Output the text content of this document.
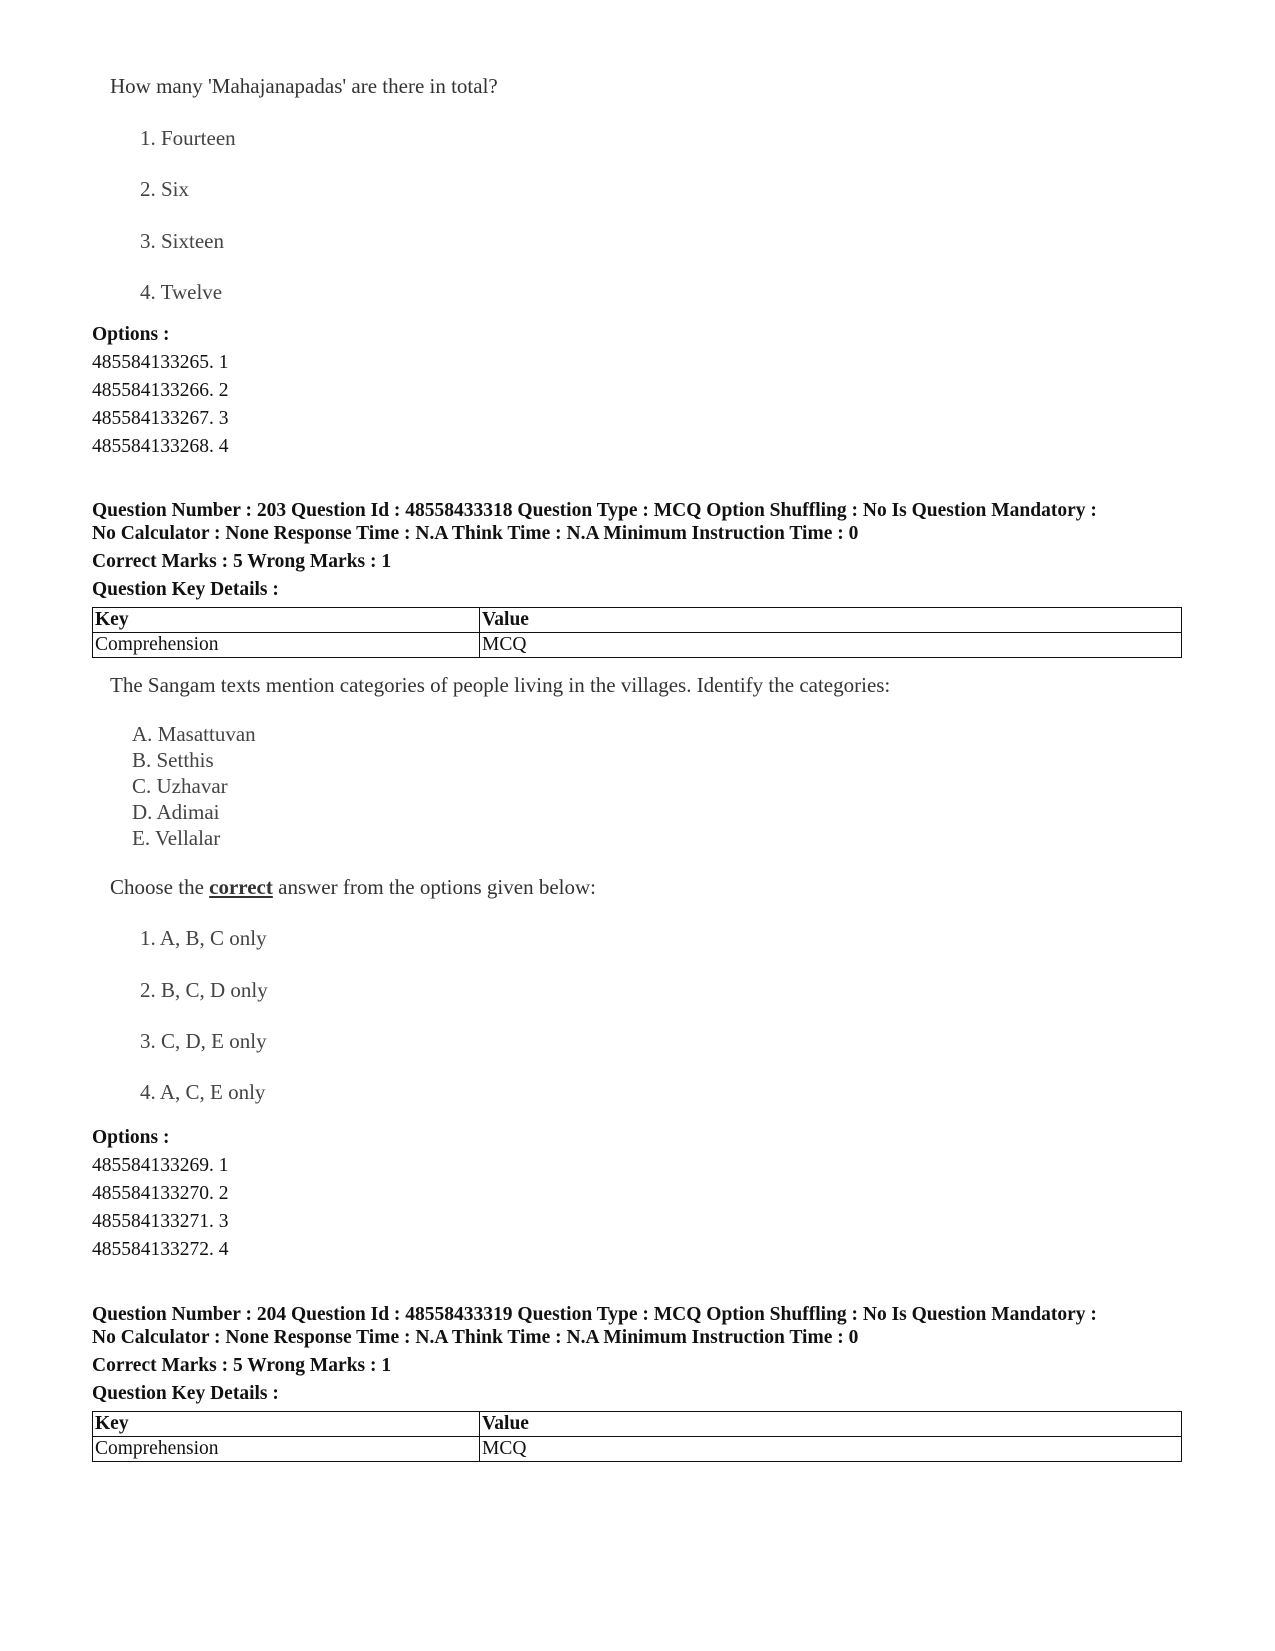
How many 'Mahajanapadas' are there in total?
1. Fourteen
2. Six
3. Sixteen
4. Twelve
Options :
485584133265. 1
485584133266. 2
485584133267. 3
485584133268. 4
Question Number : 203 Question Id : 48558433318 Question Type : MCQ Option Shuffling : No Is Question Mandatory :
No Calculator : None Response Time : N.A Think Time : N.A Minimum Instruction Time : 0
Correct Marks : 5 Wrong Marks : 1
Question Key Details :
Key	Value
Comprehension	MCQ
The Sangam texts mention categories of people living in the villages. Identify the categories:
A. Masattuvan
B. Setthis
C. Uzhavar
D. Adimai
E. Vellalar
Choose the correct answer from the options given below:
1. A, B, C only
2. B, C, D only
3. C, D, E only
4. A, C, E only
Options :
485584133269. 1
485584133270. 2
485584133271. 3
485584133272. 4
Question Number : 204 Question Id : 48558433319 Question Type : MCQ Option Shuffling : No Is Question Mandatory :
No Calculator : None Response Time : N.A Think Time : N.A Minimum Instruction Time : 0
Correct Marks : 5 Wrong Marks : 1
Question Key Details :
Key	Value
Comprehension	MCQ
